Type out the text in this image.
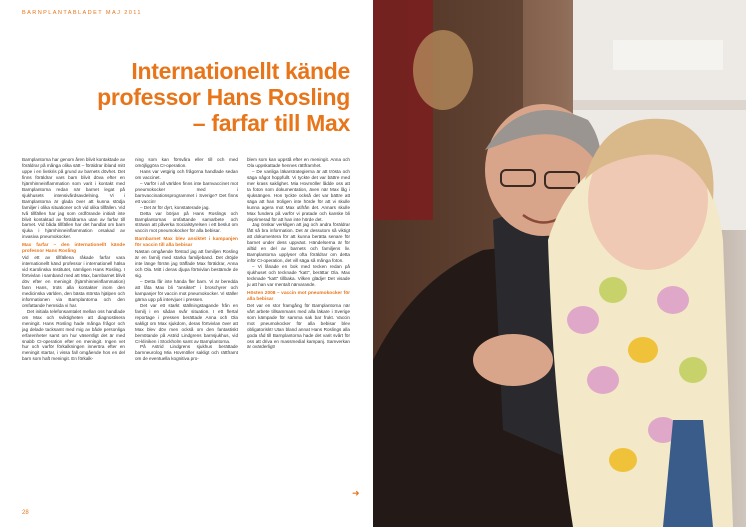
BARNPLANTABLADET MAJ 2011
Internationellt kände
professor Hans Rosling
– farfar till Max

Barnplantorna har genom åren blivit kontaktade av föräldrar på många olika sätt – föräldrar ibland mitt uppe i en livskris på grund av barnets dövhet. Det finns föräldrar vars barn blivit döva efter en hjärnhinneinflammation som varit i kontakt med Barnplantorna redan när barnet legat på sjukhusets intensivårdsavdelning. Vi i Barnplantorna är glada över att kunna stödja familjer i olika situationer och vid olika tillfällen. Vid två tillfällen har jag som ordförande initialt inte blivit kontaktad av föräldrarna utan av farfar till barnet. Vid båda tillfällen har det handlat om barn sjuka i hjärnhinneinflammation orsakad av invasiva pneumokocker.

Max farfar – den internationellt kände professor Hans Rosling

Vid ett av tillfällena råkade farfar vara internationellt känd professor i internationell hälsa vid Karolinska Institutet, nämligen Hans Rosling. I förtvivlan i samband med att Max, barnbarnet blivit döv efter en meningit (hjärnhinneinflammation) fann Hans, trots alla kontakter inom den medicinska världen, den bästa största hjälpen och informationen via Barnplantorna och den omfattande hemsida vi har.

Det initiala telefonsamtalet mellan oss handlade om Max och sviktigheten att diagnostisera meningit. Hans Rosling hade många frågor och jag delade tacksamt med mig av både personliga erfarenheter samt om hur väsentligt det är med snabb CI-operation efter en meningit. Ingen vet hur och varför förkalkningen inneröra efter en meningit startar, i vissa fall omgående hos en del barn som haft meningit. En förkalk-

ning som kan försvåra eller till och med omöjliggöra CI-operation.

Hans var vetgirig och frågorna handlade sedan om vaccinet.

– Varför i all världen finns inte barnvaccinet mot pneumokocker med i barnvaccinationsprogrammet i Sverige? Det finns ett vaccin!

– Det är för dyrt, konstaterade jag.

Detta var början på Hans Roslings och Barnplantornas omfattande samarbete och strävan att påverka Socialstyrelsen i ett beslut om vaccin mot pneumokocker för alla bebisar.

Barnbarnet Max blev ansiktet i kampanjen för vaccin till alla bebisar

Nästan omgående förstod jag att familjen Rosling är en familj med starka familjeband. Det dröjde inte länge förrän jag träffade Max föräldrar, Anna och Ola. Mitt i deras djupa förtvivlan bestämde de sig.

– Detta får inte hända fler barn. Vi är beredda att låta Max bli "ansiktet" i broschyrer och kampanjer för vaccin mot pneumokocker. Vi ställer gärna upp på intervjuer i pressen.

Det var ett starkt ställningstagande från en familj i en sådan svår situation. I ett flertal reportage i pressen berättade Anna och Ola sakligt om Max sjukdom, deras förtvivlan över att Max blev döv men också om den fantastiskt bemötande på Astrid Lindgrens barnsjukhus, vid CI-kliniken i Stockholm samt av Barnplantorna.

På Astrid Lindgrens sjukhus berättade barnneurolog Mia Hovmöller sakligt och rättframt om de eventuella kognitiva pro-

blem som kan uppstå efter en meningit. Anna och Ola uppskattade hennes rättframhet.

– De vanliga läkarstrategierna är att trösta och säga något hoppfullt. Vi tyckte det var bättre med mer krass saklighet. Mia Hovmöller lådde oss att ta foton som dokumentation, även när Max låg i sjuksängen. Hon tyckte också det var bättre att säga att han troligen inte hörde för att vi skulle kunna agera mot Max utifrån det. Annars skulle Max fundera på varför vi pratade och kanske bli deprimerad för att han inte hörde det.

Jag önskar verkligen att jag och andra föräldrar fått så bra information. Det är dessutom så viktigt att dokumentera för att kunna berätta senare för barnet under dess uppväxt. Händelserna är för alltid en del av barnets och familjens liv. Barnplantorna upplyser ofta föräldrar om detta inför CI-operation, det vill säga så många foton.

– Vi lånade en bok med tecken redan på sjukhuset och tecknade "katt", berättar Ola. Max tecknade "katt" tillbaka. Vilken glädje! Det visade ju att han var mentalt närvarande.

Hösten 2008 – vaccin mot pneumokocker för alla bebisar

Det var en stor framgång för Barnplantorna när vårt arbete tillsammans med alla läkare i Sverige som kämpade för samma sak bar frukt. Vaccin mot pneumokocker för alla bebisar blev obligatoriskt! Utan bland annat Hans Roslings alla goda råd till Barnplantorna hade det varit svårt för oss att driva en massmedial kampanj. Samverkan är ovärderligt!

➜
28
